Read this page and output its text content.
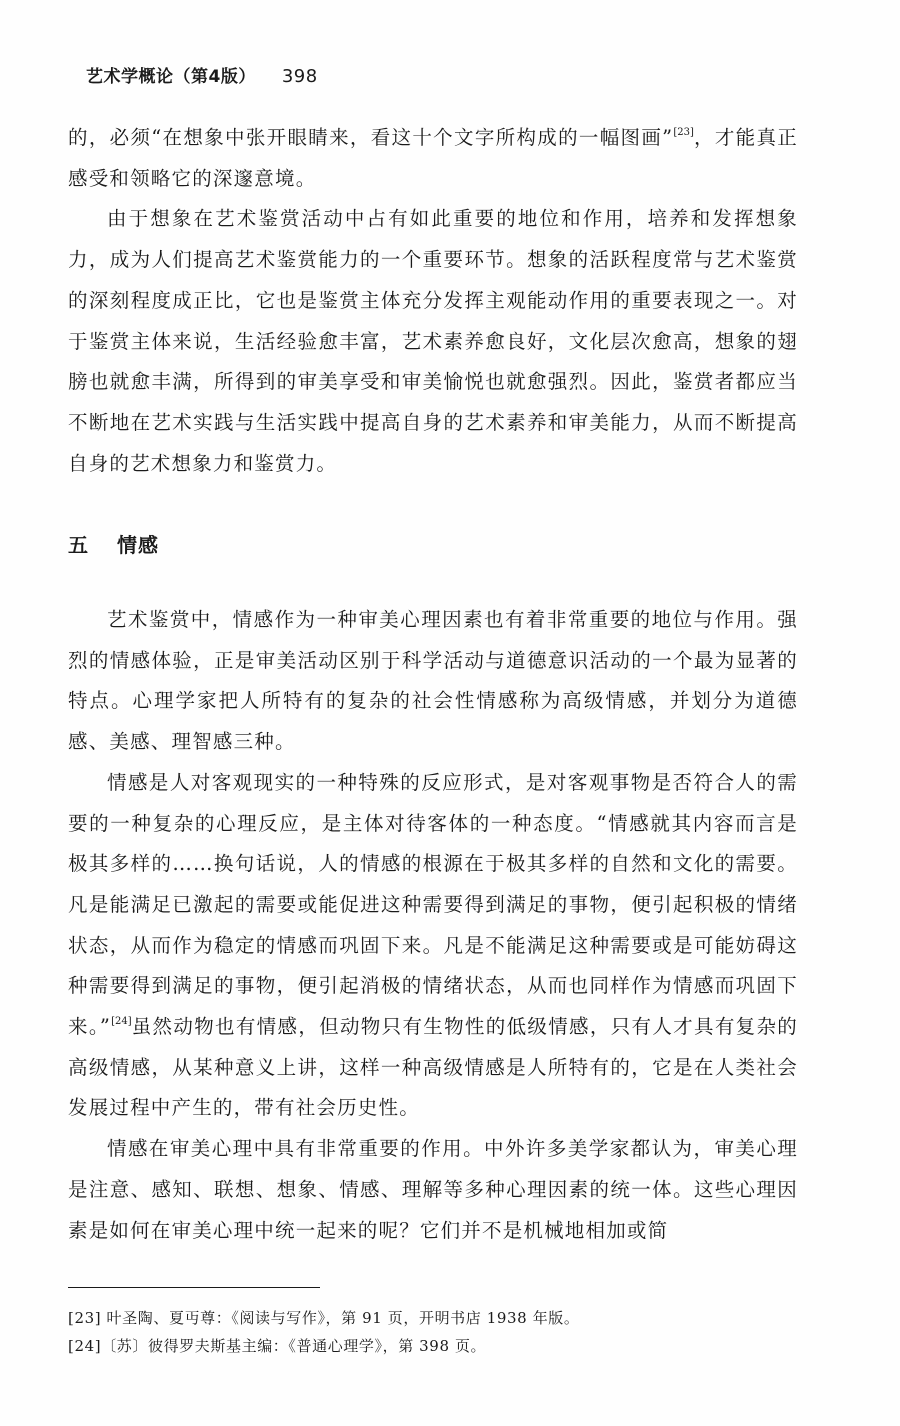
艺术学概论（第4版） 398

的，必须“在想象中张开眼睛来，看这十个文字所构成的一幅图画”[23]，才能真正感受和领略它的深邃意境。

由于想象在艺术鉴赏活动中占有如此重要的地位和作用，培养和发挥想象力，成为人们提高艺术鉴赏能力的一个重要环节。想象的活跃程度常与艺术鉴赏的深刻程度成正比，它也是鉴赏主体充分发挥主观能动作用的重要表现之一。对于鉴赏主体来说，生活经验愈丰富，艺术素养愈良好，文化层次愈高，想象的翅膀也就愈丰满，所得到的审美享受和审美愉悦也就愈强烈。因此，鉴赏者都应当不断地在艺术实践与生活实践中提高自身的艺术素养和审美能力，从而不断提高自身的艺术想象力和鉴赏力。

五 情感

艺术鉴赏中，情感作为一种审美心理因素也有着非常重要的地位与作用。强烈的情感体验，正是审美活动区别于科学活动与道德意识活动的一个最为显著的特点。心理学家把人所特有的复杂的社会性情感称为高级情感，并划分为道德感、美感、理智感三种。

情感是人对客观现实的一种特殊的反应形式，是对客观事物是否符合人的需要的一种复杂的心理反应，是主体对待客体的一种态度。“情感就其内容而言是极其多样的……换句话说，人的情感的根源在于极其多样的自然和文化的需要。凡是能满足已激起的需要或能促进这种需要得到满足的事物，便引起积极的情绪状态，从而作为稳定的情感而巩固下来。凡是不能满足这种需要或是可能妨碍这种需要得到满足的事物，便引起消极的情绪状态，从而也同样作为情感而巩固下来。”[24]虽然动物也有情感，但动物只有生物性的低级情感，只有人才具有复杂的高级情感，从某种意义上讲，这样一种高级情感是人所特有的，它是在人类社会发展过程中产生的，带有社会历史性。

情感在审美心理中具有非常重要的作用。中外许多美学家都认为，审美心理是注意、感知、联想、想象、情感、理解等多种心理因素的统一体。这些心理因素是如何在审美心理中统一起来的呢？它们并不是机械地相加或简

[23] 叶圣陶、夏丏尊：《阅读与写作》，第 91 页，开明书店 1938 年版。
[24]〔苏〕彼得罗夫斯基主编：《普通心理学》，第 398 页。
